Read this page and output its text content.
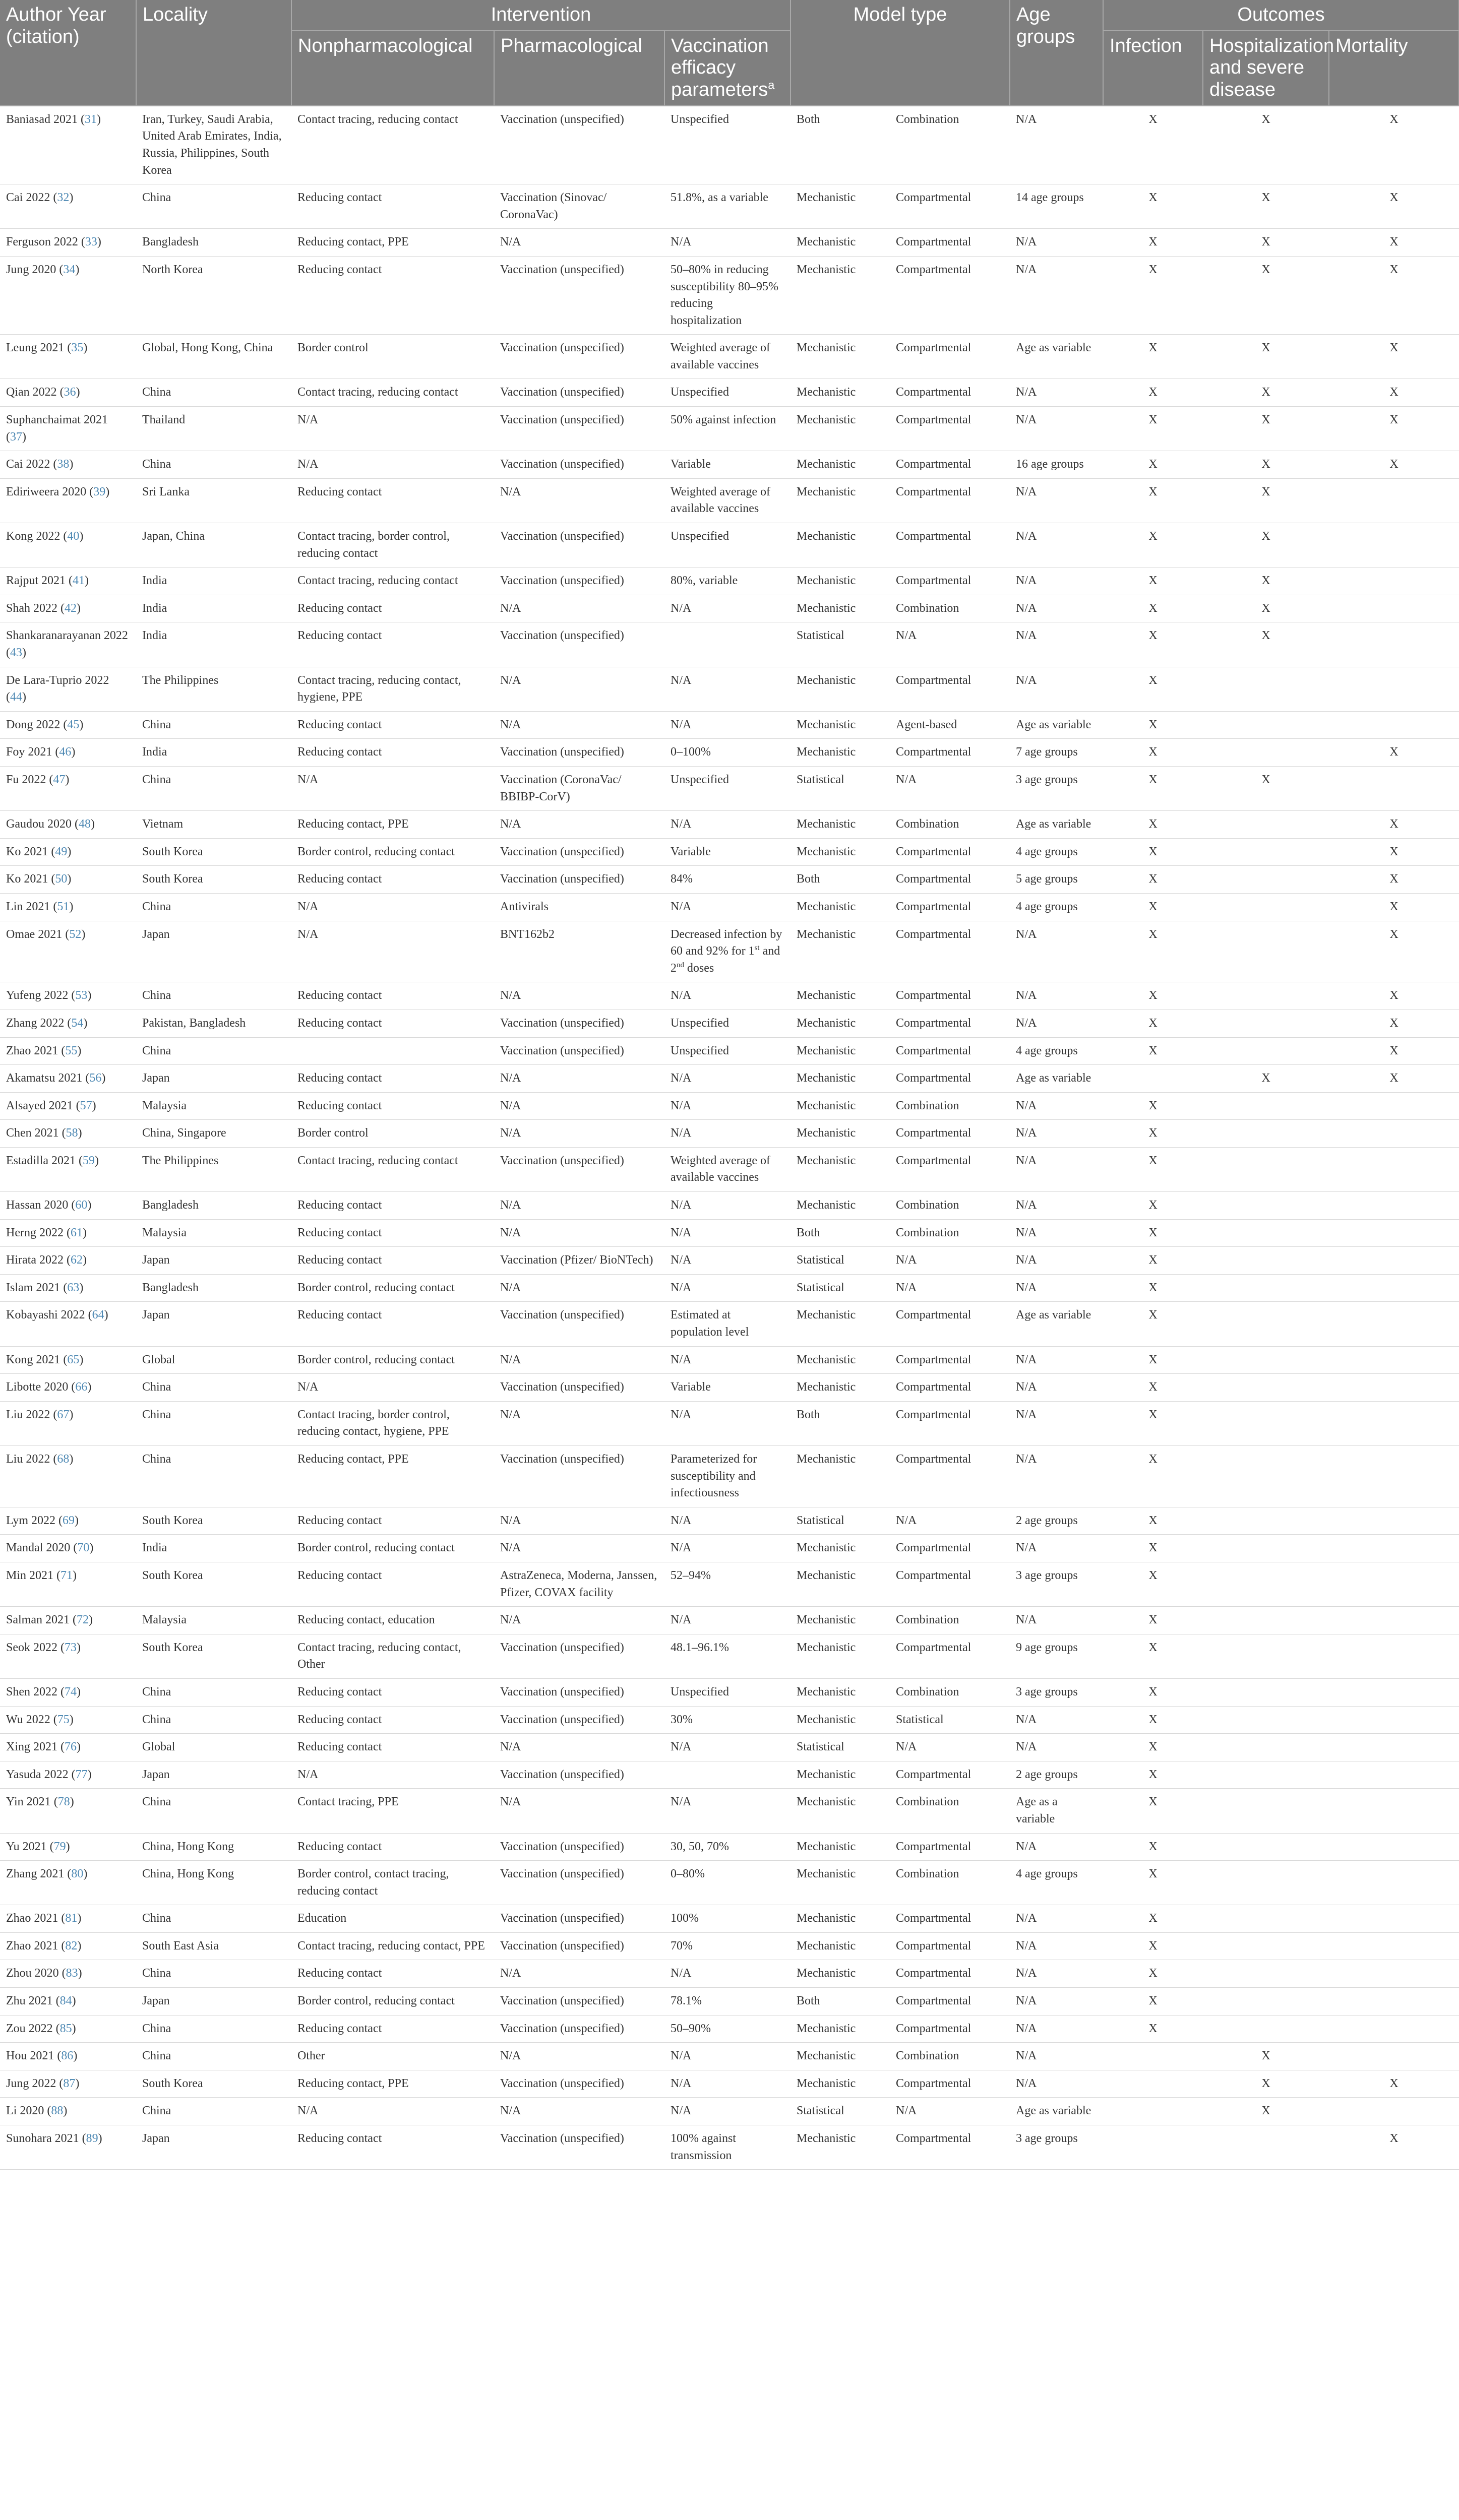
Author Year (citation)	Locality	Intervention			Model type		Age groups	Outcomes		
		Nonpharmacological	Pharmacological	Vaccination efficacy parameters$^a$				Infection	Hospitalization and severe disease	Mortality
Baniasad 2021 (31)	Iran, Turkey, Saudi Arabia, United Arab Emirates, India, Russia, Philippines, South Korea	Contact tracing, reducing contact	Vaccination (unspecified)	Unspecified	Both	Combination	N/A	X	X	X
Cai 2022 (32)	China	Reducing contact	Vaccination (Sinovac/ CoronaVac)	51.8%, as a variable	Mechanistic	Compartmental	14 age groups	X	X	X
Ferguson 2022 (33)	Bangladesh	Reducing contact, PPE	N/A	N/A	Mechanistic	Compartmental	N/A	X	X	X
Jung 2020 (34)	North Korea	Reducing contact	Vaccination (unspecified)	50–80% in reducing susceptibility 80–95% reducing hospitalization	Mechanistic	Compartmental	N/A	X	X	X
Leung 2021 (35)	Global, Hong Kong, China	Border control	Vaccination (unspecified)	Weighted average of available vaccines	Mechanistic	Compartmental	Age as variable	X	X	X
Qian 2022 (36)	China	Contact tracing, reducing contact	Vaccination (unspecified)	Unspecified	Mechanistic	Compartmental	N/A	X	X	X
Suphanchaimat 2021 (37)	Thailand	N/A	Vaccination (unspecified)	50% against infection	Mechanistic	Compartmental	N/A	X	X	X
Cai 2022 (38)	China	N/A	Vaccination (unspecified)	Variable	Mechanistic	Compartmental	16 age groups	X	X	X
Ediriweera 2020 (39)	Sri Lanka	Reducing contact	N/A	Weighted average of available vaccines	Mechanistic	Compartmental	N/A	X	X	
Kong 2022 (40)	Japan, China	Contact tracing, border control, reducing contact	Vaccination (unspecified)	Unspecified	Mechanistic	Compartmental	N/A	X	X	
Rajput 2021 (41)	India	Contact tracing, reducing contact	Vaccination (unspecified)	80%, variable	Mechanistic	Compartmental	N/A	X	X	
Shah 2022 (42)	India	Reducing contact	N/A	N/A	Mechanistic	Combination	N/A	X	X	
Shankaranarayanan 2022 (43)	India	Reducing contact	Vaccination (unspecified)		Statistical	N/A	N/A	X	X	
De Lara-Tuprio 2022 (44)	The Philippines	Contact tracing, reducing contact, hygiene, PPE	N/A	N/A	Mechanistic	Compartmental	N/A	X		
Dong 2022 (45)	China	Reducing contact	N/A	N/A	Mechanistic	Agent-based	Age as variable	X		
Foy 2021 (46)	India	Reducing contact	Vaccination (unspecified)	0–100%	Mechanistic	Compartmental	7 age groups	X		X
Fu 2022 (47)	China	N/A	Vaccination (CoronaVac/ BBIBP-CorV)	Unspecified	Statistical	N/A	3 age groups	X	X	
Gaudou 2020 (48)	Vietnam	Reducing contact, PPE	N/A	N/A	Mechanistic	Combination	Age as variable	X		X
Ko 2021 (49)	South Korea	Border control, reducing contact	Vaccination (unspecified)	Variable	Mechanistic	Compartmental	4 age groups	X		X
Ko 2021 (50)	South Korea	Reducing contact	Vaccination (unspecified)	84%	Both	Compartmental	5 age groups	X		X
Lin 2021 (51)	China	N/A	Antivirals	N/A	Mechanistic	Compartmental	4 age groups	X		X
Omae 2021 (52)	Japan	N/A	BNT162b2	Decreased infection by 60 and 92% for 1st and 2nd doses	Mechanistic	Compartmental	N/A	X		X
Yufeng 2022 (53)	China	Reducing contact	N/A	N/A	Mechanistic	Compartmental	N/A	X		X
Zhang 2022 (54)	Pakistan, Bangladesh	Reducing contact	Vaccination (unspecified)	Unspecified	Mechanistic	Compartmental	N/A	X		X
Zhao 2021 (55)	China		Vaccination (unspecified)	Unspecified	Mechanistic	Compartmental	4 age groups	X		X
Akamatsu 2021 (56)	Japan	Reducing contact	N/A	N/A	Mechanistic	Compartmental	Age as variable		X	X
Alsayed 2021 (57)	Malaysia	Reducing contact	N/A	N/A	Mechanistic	Combination	N/A	X		
Chen 2021 (58)	China, Singapore	Border control	N/A	N/A	Mechanistic	Compartmental	N/A	X		
Estadilla 2021 (59)	The Philippines	Contact tracing, reducing contact	Vaccination (unspecified)	Weighted average of available vaccines	Mechanistic	Compartmental	N/A	X		
Hassan 2020 (60)	Bangladesh	Reducing contact	N/A	N/A	Mechanistic	Combination	N/A	X		
Herng 2022 (61)	Malaysia	Reducing contact	N/A	N/A	Both	Combination	N/A	X		
Hirata 2022 (62)	Japan	Reducing contact	Vaccination (Pfizer/ BioNTech)	N/A	Statistical	N/A	N/A	X		
Islam 2021 (63)	Bangladesh	Border control, reducing contact	N/A	N/A	Statistical	N/A	N/A	X		
Kobayashi 2022 (64)	Japan	Reducing contact	Vaccination (unspecified)	Estimated at population level	Mechanistic	Compartmental	Age as variable	X		
Kong 2021 (65)	Global	Border control, reducing contact	N/A	N/A	Mechanistic	Compartmental	N/A	X		
Libotte 2020 (66)	China	N/A	Vaccination (unspecified)	Variable	Mechanistic	Compartmental	N/A	X		
Liu 2022 (67)	China	Contact tracing, border control, reducing contact, hygiene, PPE	N/A	N/A	Both	Compartmental	N/A	X		
Liu 2022 (68)	China	Reducing contact, PPE	Vaccination (unspecified)	Parameterized for susceptibility and infectiousness	Mechanistic	Compartmental	N/A	X		
Lym 2022 (69)	South Korea	Reducing contact	N/A	N/A	Statistical	N/A	2 age groups	X		
Mandal 2020 (70)	India	Border control, reducing contact	N/A	N/A	Mechanistic	Compartmental	N/A	X		
Min 2021 (71)	South Korea	Reducing contact	AstraZeneca, Moderna, Janssen, Pfizer, COVAX facility	52–94%	Mechanistic	Compartmental	3 age groups	X		
Salman 2021 (72)	Malaysia	Reducing contact, education	N/A	N/A	Mechanistic	Combination	N/A	X		
Seok 2022 (73)	South Korea	Contact tracing, reducing contact, Other	Vaccination (unspecified)	48.1–96.1%	Mechanistic	Compartmental	9 age groups	X		
Shen 2022 (74)	China	Reducing contact	Vaccination (unspecified)	Unspecified	Mechanistic	Combination	3 age groups	X		
Wu 2022 (75)	China	Reducing contact	Vaccination (unspecified)	30%	Mechanistic	Statistical	N/A	X		
Xing 2021 (76)	Global	Reducing contact	N/A	N/A	Statistical	N/A	N/A	X		
Yasuda 2022 (77)	Japan	N/A	Vaccination (unspecified)		Mechanistic	Compartmental	2 age groups	X		
Yin 2021 (78)	China	Contact tracing, PPE	N/A	N/A	Mechanistic	Combination	Age as a variable	X		
Yu 2021 (79)	China, Hong Kong	Reducing contact	Vaccination (unspecified)	30, 50, 70%	Mechanistic	Compartmental	N/A	X		
Zhang 2021 (80)	China, Hong Kong	Border control, contact tracing, reducing contact	Vaccination (unspecified)	0–80%	Mechanistic	Combination	4 age groups	X		
Zhao 2021 (81)	China	Education	Vaccination (unspecified)	100%	Mechanistic	Compartmental	N/A	X		
Zhao 2021 (82)	South East Asia	Contact tracing, reducing contact, PPE	Vaccination (unspecified)	70%	Mechanistic	Compartmental	N/A	X		
Zhou 2020 (83)	China	Reducing contact	N/A	N/A	Mechanistic	Compartmental	N/A	X		
Zhu 2021 (84)	Japan	Border control, reducing contact	Vaccination (unspecified)	78.1%	Both	Compartmental	N/A	X		
Zou 2022 (85)	China	Reducing contact	Vaccination (unspecified)	50–90%	Mechanistic	Compartmental	N/A	X		
Hou 2021 (86)	China	Other	N/A	N/A	Mechanistic	Combination	N/A		X	
Jung 2022 (87)	South Korea	Reducing contact, PPE	Vaccination (unspecified)	N/A	Mechanistic	Compartmental	N/A		X	X
Li 2020 (88)	China	N/A	N/A	N/A	Statistical	N/A	Age as variable		X	
Sunohara 2021 (89)	Japan	Reducing contact	Vaccination (unspecified)	100% against transmission	Mechanistic	Compartmental	3 age groups			X
